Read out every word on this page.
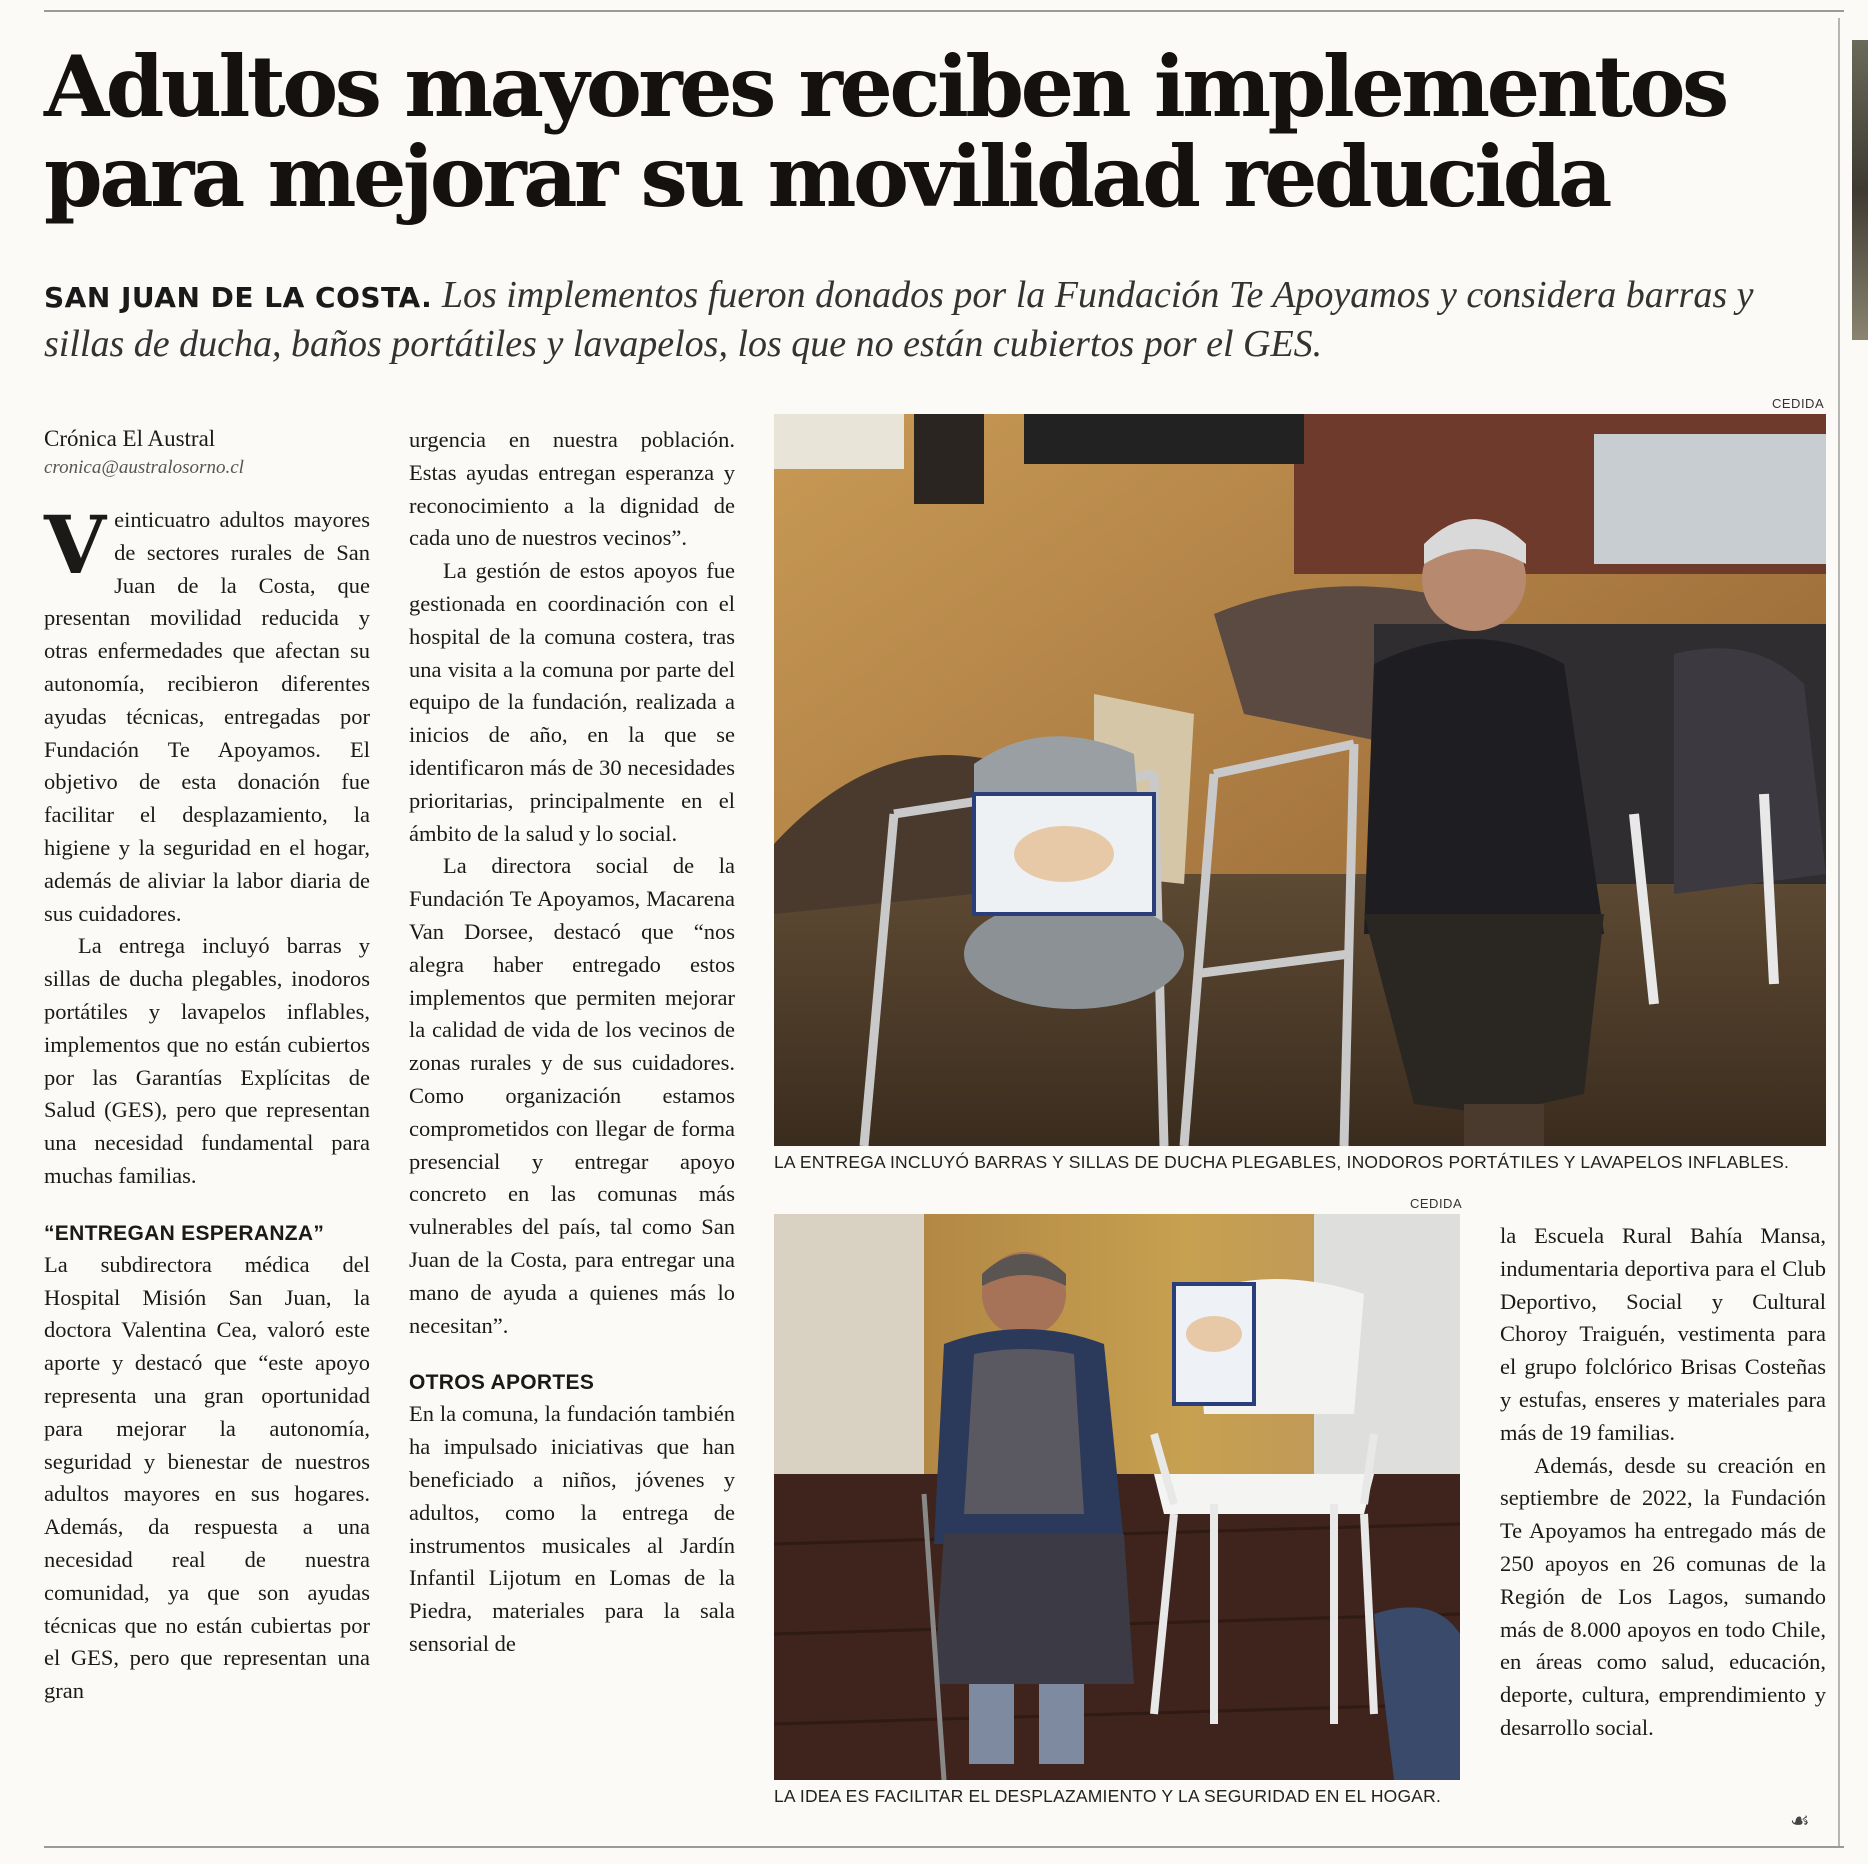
Adultos mayores reciben implementos para mejorar su movilidad reducida

SAN JUAN DE LA COSTA. Los implementos fueron donados por la Fundación Te Apoyamos y considera barras y sillas de ducha, baños portátiles y lavapelos, los que no están cubiertos por el GES.

Crónica El Austral

cronica@australosorno.cl

Veinticuatro adultos mayores de sectores rurales de San Juan de la Costa, que presentan movilidad reducida y otras enfermedades que afectan su autonomía, recibieron diferentes ayudas técnicas, entregadas por Fundación Te Apoyamos. El objetivo de esta donación fue facilitar el desplazamiento, la higiene y la seguridad en el hogar, además de aliviar la labor diaria de sus cuidadores.

La entrega incluyó barras y sillas de ducha plegables, inodoros portátiles y lavapelos inflables, implementos que no están cubiertos por las Garantías Explícitas de Salud (GES), pero que representan una necesidad fundamental para muchas familias.

“ENTREGAN ESPERANZA”

La subdirectora médica del Hospital Misión San Juan, la doctora Valentina Cea, valoró este aporte y destacó que “este apoyo representa una gran oportunidad para mejorar la autonomía, seguridad y bienestar de nuestros adultos mayores en sus hogares. Además, da respuesta a una necesidad real de nuestra comunidad, ya que son ayudas técnicas que no están cubiertas por el GES, pero que representan una gran

urgencia en nuestra población. Estas ayudas entregan esperanza y reconocimiento a la dignidad de cada uno de nuestros vecinos”.

La gestión de estos apoyos fue gestionada en coordinación con el hospital de la comuna costera, tras una visita a la comuna por parte del equipo de la fundación, realizada a inicios de año, en la que se identificaron más de 30 necesidades prioritarias, principalmente en el ámbito de la salud y lo social.

La directora social de la Fundación Te Apoyamos, Macarena Van Dorsee, destacó que “nos alegra haber entregado estos implementos que permiten mejorar la calidad de vida de los vecinos de zonas rurales y de sus cuidadores. Como organización estamos comprometidos con llegar de forma presencial y entregar apoyo concreto en las comunas más vulnerables del país, tal como San Juan de la Costa, para entregar una mano de ayuda a quienes más lo necesitan”.

OTROS APORTES

En la comuna, la fundación también ha impulsado iniciativas que han beneficiado a niños, jóvenes y adultos, como la entrega de instrumentos musicales al Jardín Infantil Lijotum en Lomas de la Piedra, materiales para la sala sensorial de

la Escuela Rural Bahía Mansa, indumentaria deportiva para el Club Deportivo, Social y Cultural Choroy Traiguén, vestimenta para el grupo folclórico Brisas Costeñas y estufas, enseres y materiales para más de 19 familias.

Además, desde su creación en septiembre de 2022, la Fundación Te Apoyamos ha entregado más de 250 apoyos en 26 comunas de la Región de Los Lagos, sumando más de 8.000 apoyos en todo Chile, en áreas como salud, educación, deporte, cultura, emprendimiento y desarrollo social.

☙
CEDIDA
LA ENTREGA INCLUYÓ BARRAS Y SILLAS DE DUCHA PLEGABLES, INODOROS PORTÁTILES Y LAVAPELOS INFLABLES.
CEDIDA
LA IDEA ES FACILITAR EL DESPLAZAMIENTO Y LA SEGURIDAD EN EL HOGAR.
